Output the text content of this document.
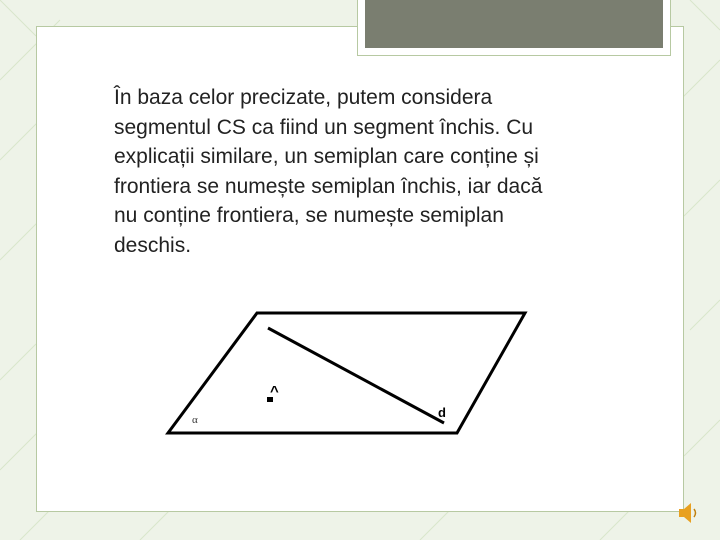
În baza celor precizate, putem considera
segmentul CS ca fiind un segment închis. Cu
explicații similare, un semiplan care conține și
frontiera se numește semiplan închis, iar dacă
nu conține frontiera, se numește semiplan
deschis.

^
d
α
